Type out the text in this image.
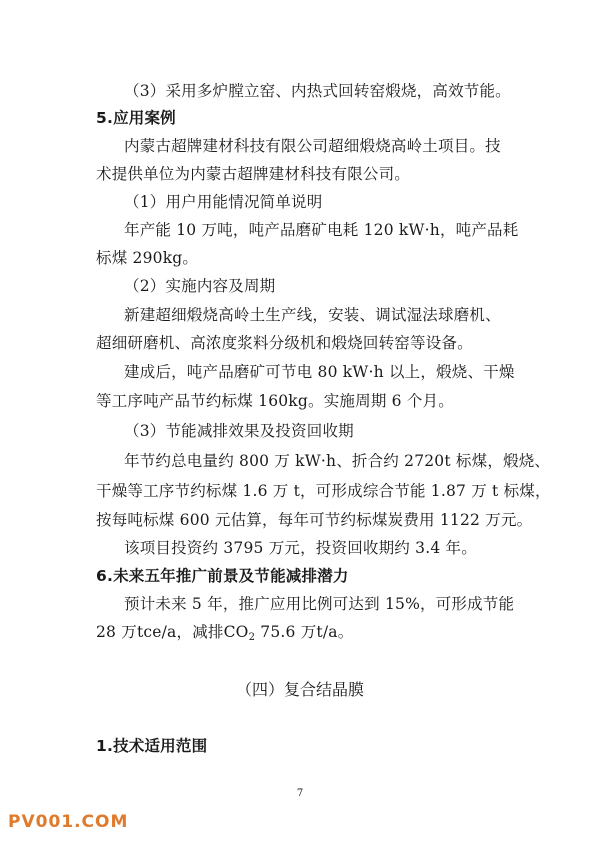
（3）采用多炉膛立窑、内热式回转窑煅烧，高效节能。
5.应用案例
内蒙古超牌建材科技有限公司超细煅烧高岭土项目。技
术提供单位为内蒙古超牌建材科技有限公司。
（1）用户用能情况简单说明
年产能 10 万吨，吨产品磨矿电耗 120 kW·h，吨产品耗
标煤 290kg。
（2）实施内容及周期
新建超细煅烧高岭土生产线，安装、调试湿法球磨机、
超细研磨机、高浓度浆料分级机和煅烧回转窑等设备。
建成后，吨产品磨矿可节电 80 kW·h 以上，煅烧、干燥
等工序吨产品节约标煤 160kg。实施周期 6 个月。
（3）节能减排效果及投资回收期
年节约总电量约 800 万 kW·h、折合约 2720t 标煤，煅烧、
干燥等工序节约标煤 1.6 万 t，可形成综合节能 1.87 万 t 标煤，
按每吨标煤 600 元估算，每年可节约标煤炭费用 1122 万元。
该项目投资约 3795 万元，投资回收期约 3.4 年。
6.未来五年推广前景及节能减排潜力
预计未来 5 年，推广应用比例可达到 15%，可形成节能
28 万tce/a，减排$CO_2$ 75.6 万t/a。
（四）复合结晶膜
1.技术适用范围
7
PV001.COM
